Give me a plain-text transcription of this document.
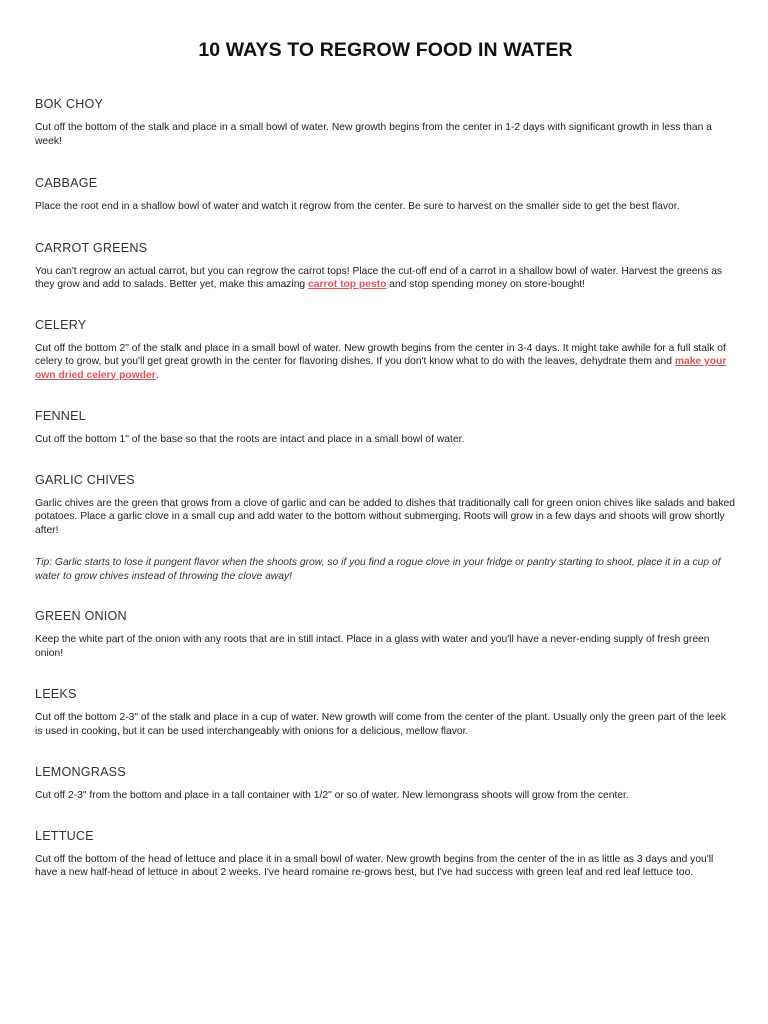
10 WAYS TO REGROW FOOD IN WATER
BOK CHOY

Cut off the bottom of the stalk and place in a small bowl of water. New growth begins from the center in 1-2 days with significant growth in less than a week!

CABBAGE

Place the root end in a shallow bowl of water and watch it regrow from the center. Be sure to harvest on the smaller side to get the best flavor.

CARROT GREENS

You can't regrow an actual carrot, but you can regrow the carrot tops! Place the cut-off end of a carrot in a shallow bowl of water. Harvest the greens as they grow and add to salads. Better yet, make this amazing carrot top pesto and stop spending money on store-bought!

CELERY

Cut off the bottom 2" of the stalk and place in a small bowl of water. New growth begins from the center in 3-4 days. It might take awhile for a full stalk of celery to grow, but you'll get great growth in the center for flavoring dishes. If you don't know what to do with the leaves, dehydrate them and make your own dried celery powder.

FENNEL

Cut off the bottom 1" of the base so that the roots are intact and place in a small bowl of water.

GARLIC CHIVES

Garlic chives are the green that grows from a clove of garlic and can be added to dishes that traditionally call for green onion chives like salads and baked potatoes. Place a garlic clove in a small cup and add water to the bottom without submerging. Roots will grow in a few days and shoots will grow shortly after!

Tip: Garlic starts to lose it pungent flavor when the shoots grow, so if you find a rogue clove in your fridge or pantry starting to shoot, place it in a cup of water to grow chives instead of throwing the clove away!

GREEN ONION

Keep the white part of the onion with any roots that are in still intact. Place in a glass with water and you'll have a never-ending supply of fresh green onion!

LEEKS

Cut off the bottom 2-3" of the stalk and place in a cup of water. New growth will come from the center of the plant. Usually only the green part of the leek is used in cooking, but it can be used interchangeably with onions for a delicious, mellow flavor.

LEMONGRASS

Cut off 2-3" from the bottom and place in a tall container with 1/2" or so of water. New lemongrass shoots will grow from the center.

LETTUCE

Cut off the bottom of the head of lettuce and place it in a small bowl of water. New growth begins from the center of the in as little as 3 days and you'll have a new half-head of lettuce in about 2 weeks. I've heard romaine re-grows best, but I've had success with green leaf and red leaf lettuce too.
